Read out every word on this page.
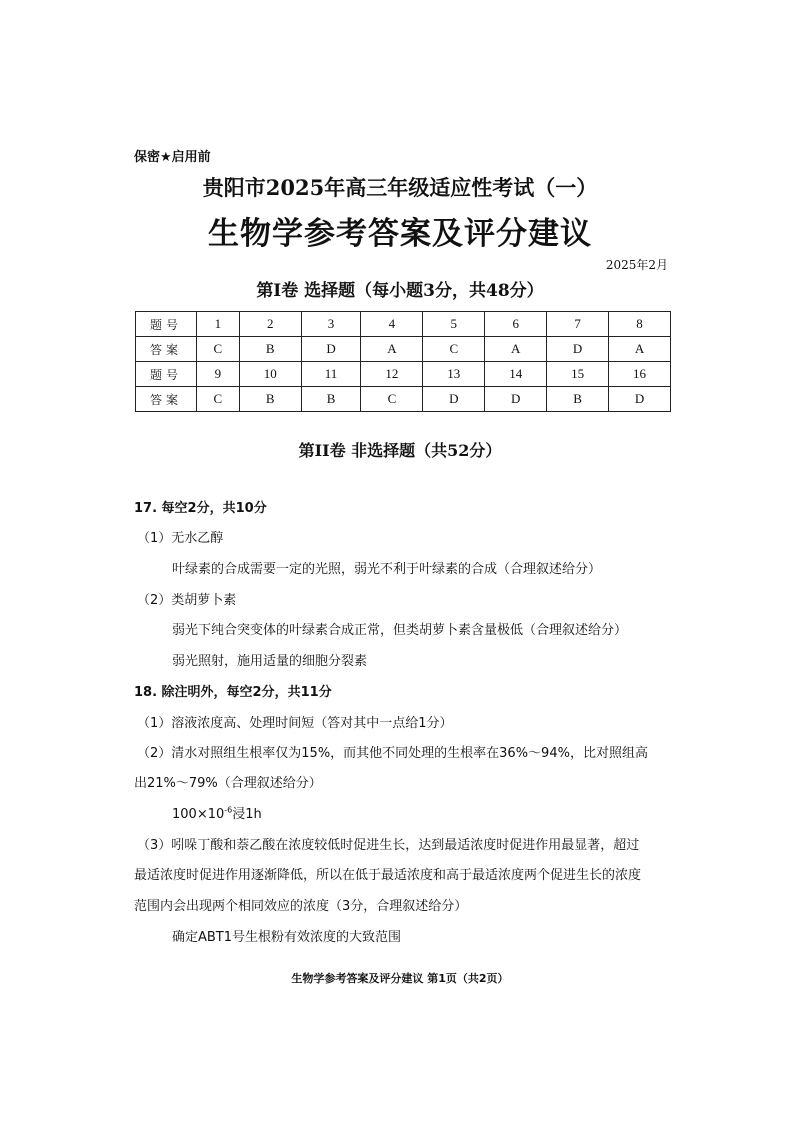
保密★启用前
贵阳市2025年高三年级适应性考试（一）
生物学参考答案及评分建议
2025年2月
第I卷 选择题（每小题3分，共48分）
题号	1	2	3	4	5	6	7	8
答案	C	B	D	A	C	A	D	A
题号	9	10	11	12	13	14	15	16
答案	C	B	B	C	D	D	B	D
第II卷 非选择题（共52分）
17. 每空2分，共10分
（1）无水乙醇
叶绿素的合成需要一定的光照，弱光不利于叶绿素的合成（合理叙述给分）
（2）类胡萝卜素
弱光下纯合突变体的叶绿素合成正常，但类胡萝卜素含量极低（合理叙述给分）
弱光照射，施用适量的细胞分裂素
18. 除注明外，每空2分，共11分
（1）溶液浓度高、处理时间短（答对其中一点给1分）
（2）清水对照组生根率仅为15%，而其他不同处理的生根率在36%～94%，比对照组高
出21%～79%（合理叙述给分）
$100\times 10^{-6}$浸1h
（3）吲哚丁酸和萘乙酸在浓度较低时促进生长，达到最适浓度时促进作用最显著，超过
最适浓度时促进作用逐渐降低，所以在低于最适浓度和高于最适浓度两个促进生长的浓度
范围内会出现两个相同效应的浓度（3分，合理叙述给分）
确定ABT1号生根粉有效浓度的大致范围
生物学参考答案及评分建议 第1页（共2页）
